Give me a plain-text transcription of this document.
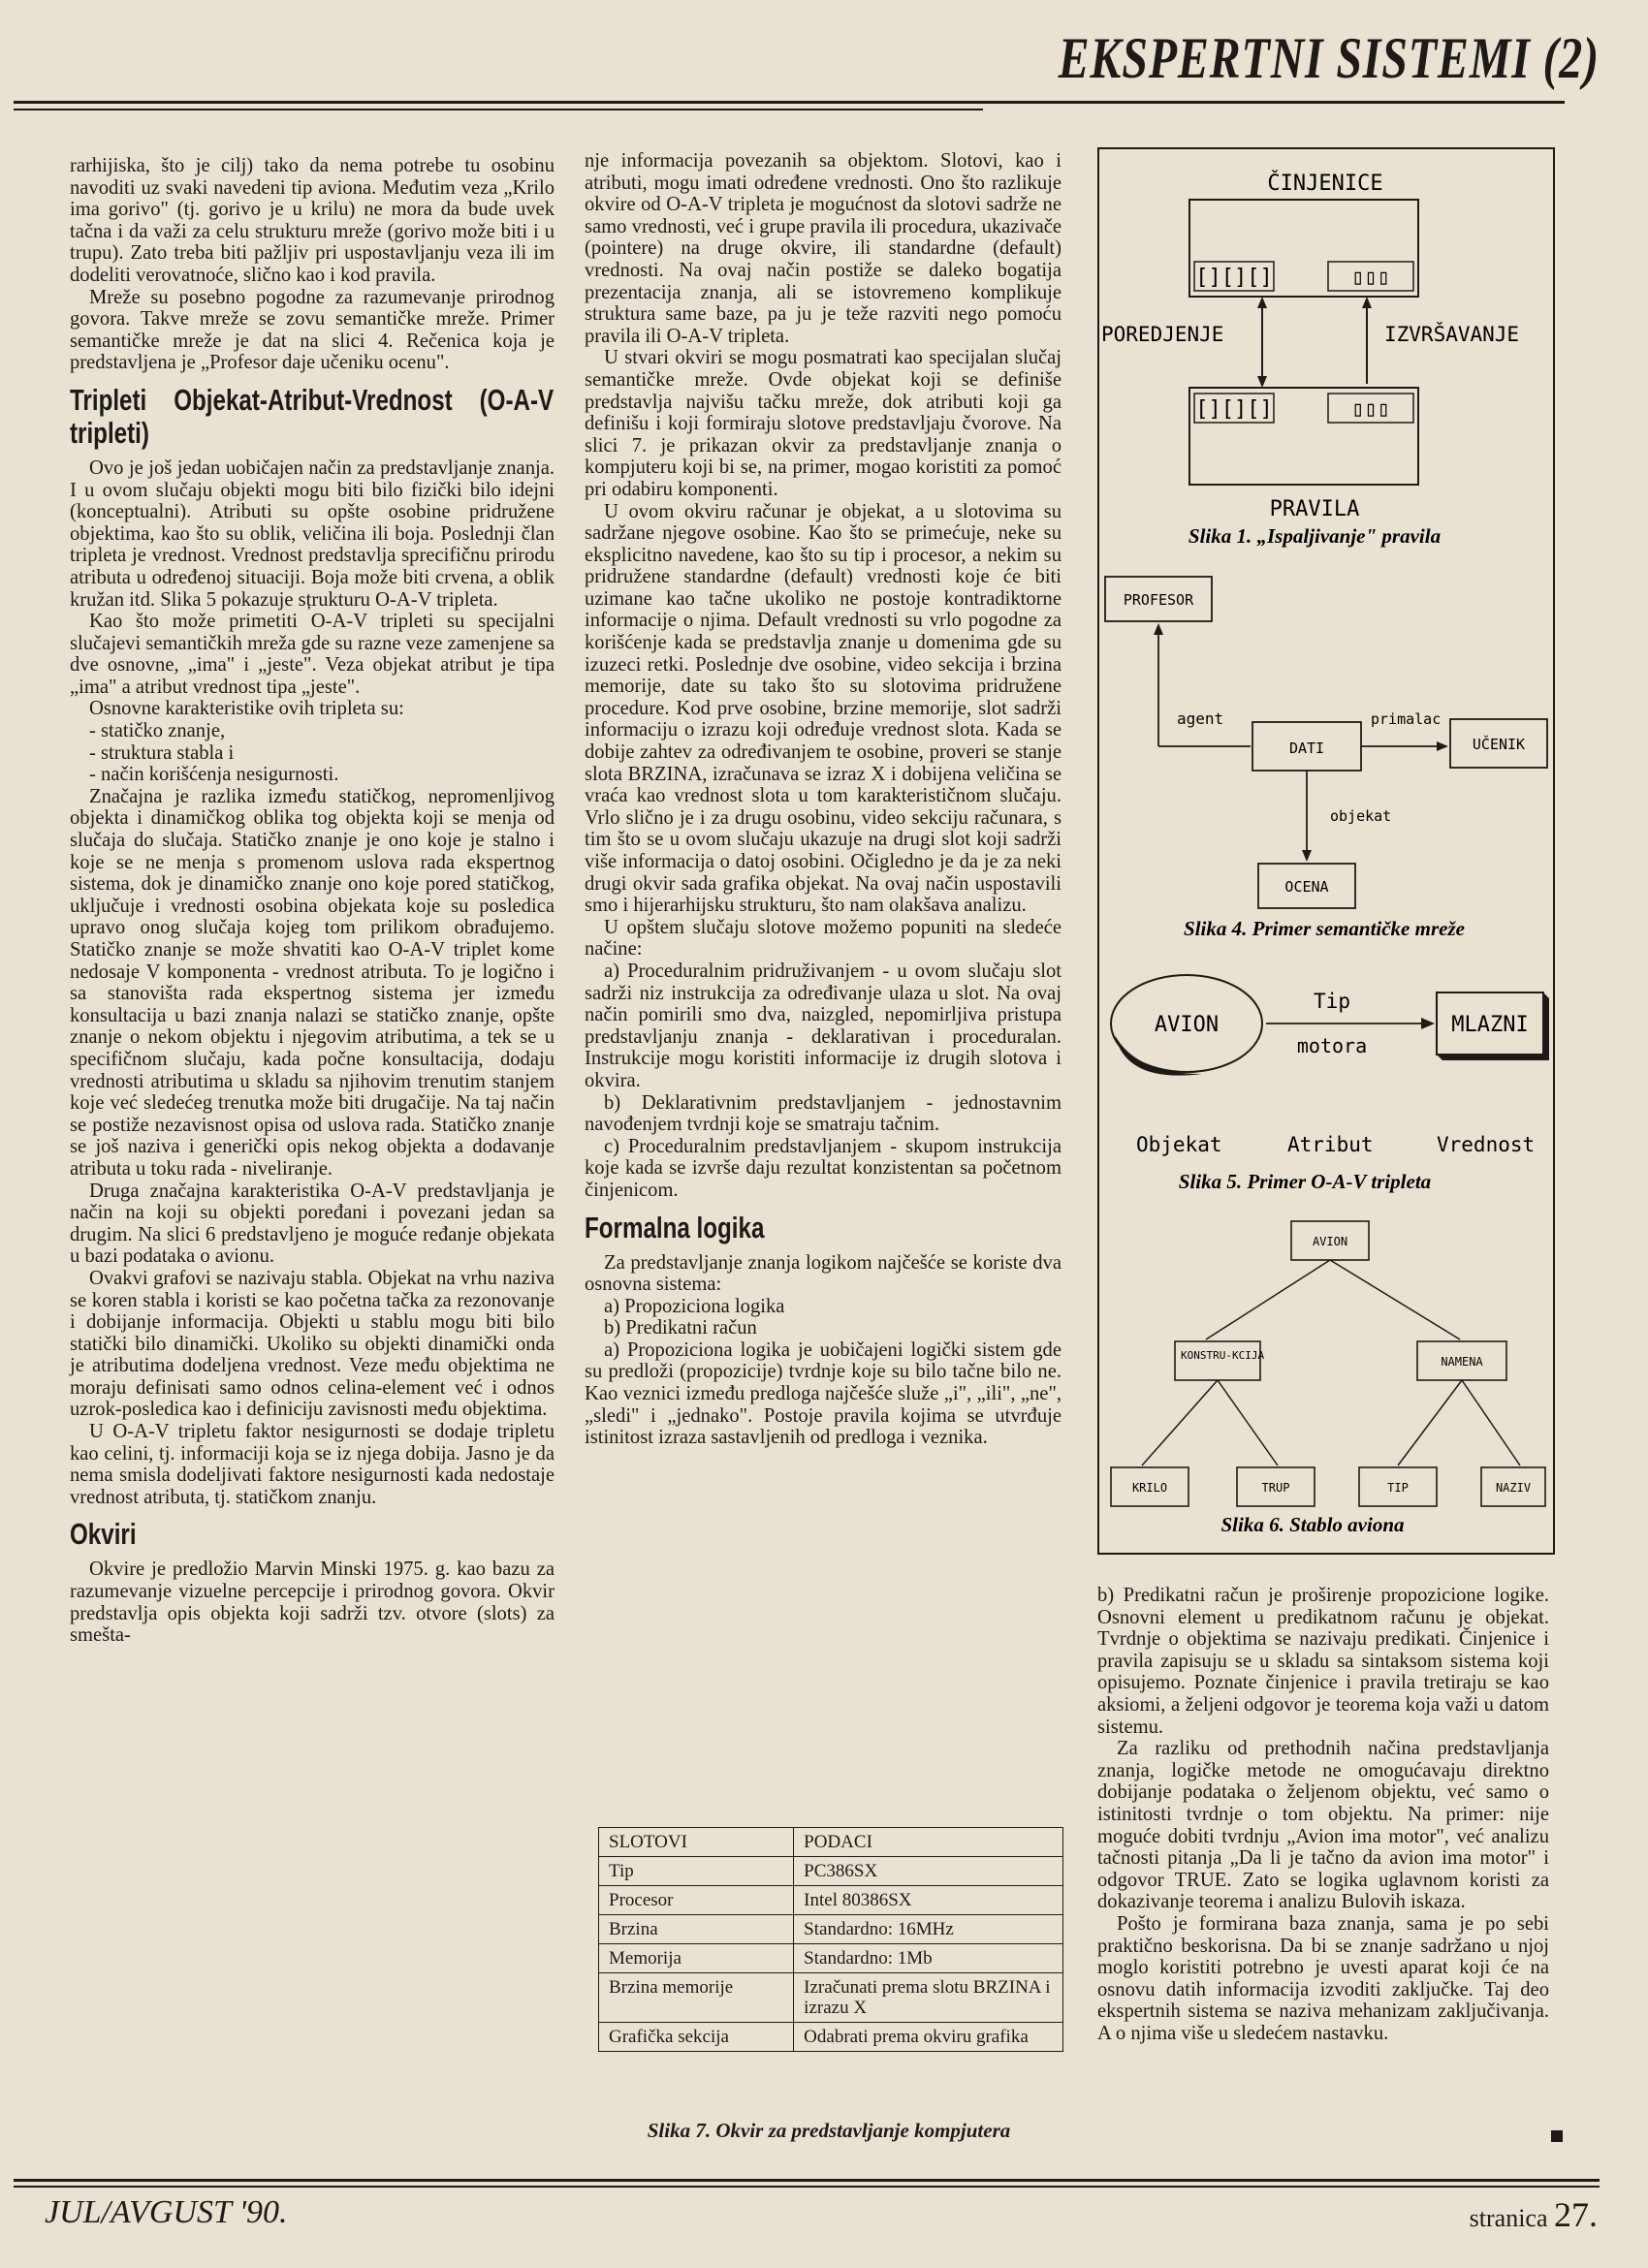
EKSPERTNI SISTEMI (2)

rarhijiska, što je cilj) tako da nema potrebe tu osobinu navoditi uz svaki navedeni tip aviona. Međutim veza „Krilo ima gorivo" (tj. gorivo je u krilu) ne mora da bude uvek tačna i da važi za celu strukturu mreže (gorivo može biti i u trupu). Zato treba biti pažljiv pri uspostavljanju veza ili im dodeliti verovatnoće, slično kao i kod pravila.

Mreže su posebno pogodne za razumevanje prirodnog govora. Takve mreže se zovu semantičke mreže. Primer semantičke mreže je dat na slici 4. Rečenica koja je predstavljena je „Profesor daje učeniku ocenu".

Tripleti Objekat-Atribut-Vrednost (O-A-V tripleti)

Ovo je još jedan uobičajen način za predstavljanje znanja. I u ovom slučaju objekti mogu biti bilo fizički bilo idejni (konceptualni). Atributi su opšte osobine pridružene objektima, kao što su oblik, veličina ili boja. Poslednji član tripleta je vrednost. Vrednost predstavlja sprecifičnu prirodu atributa u određenoj situaciji. Boja može biti crvena, a oblik kružan itd. Slika 5 pokazuje sțruktur‌u O-A-V tripleta.

Kao što može primetiti O-A-V tripleti su specijalni slučajevi semantičkih mreža gde su razne veze zamenjene sa dve osnovne, „ima" i „jeste". Veza objekat atribut je tipa „ima" a atribut vrednost tipa „jeste".

Osnovne karakteristike ovih tripleta su:

- statičko znanje,
- struktura stabla i
- način korišćenja nesigurnosti.

Značajna je razlika između statičkog, nepromenljivog objekta i dinamičkog oblika tog objekta koji se menja od slučaja do slučaja. Statičko znanje je ono koje je stalno i koje se ne menja s promenom uslova rada ekspertnog sistema, dok je dinamičko znanje ono koje pored statičkog, uključuje i vrednosti osobina objekata koje su posledica upravo onog slučaja kojeg tom prilikom obrađujemo. Statičko znanje se može shvatiti kao O-A-V triplet kome nedosaje V komponenta - vrednost atributa. To je logično i sa stanovišta rada ekspertnog sistema jer između konsultacija u bazi znanja nalazi se statičko znanje, opšte znanje o nekom objektu i njegovim atributima, a tek se u specifičnom slučaju, kada počne konsultacija, dodaju vrednosti atributima u skladu sa njihovim trenutim stanjem koje već sledećeg trenutka može biti drugačije. Na taj način se postiže nezavisnost opisa od uslova rada. Statičko znanje se još naziva i generički opis nekog objekta a dodavanje atributa u toku rada - niveliranje.

Druga značajna karakteristika O-A-V predstavljanja je način na koji su objekti poređani i povezani jedan sa drugim. Na slici 6 predstavljeno je moguće ređanje objekata u bazi podataka o avionu.

Ovakvi grafovi se nazivaju stabla. Objekat na vrhu naziva se koren stabla i koristi se kao početna tačka za rezonovanje i dobijanje informacija. Objekti u stablu mogu biti bilo statički bilo dinamički. Ukoliko su objekti dinamički onda je atributima dodeljena vrednost. Veze među objektima ne moraju definisati samo odnos celina-element već i odnos uzrok-posledica kao i definiciju zavisnosti među objektima.

U O-A-V tripletu faktor nesigurnosti se dodaje tripletu kao celini, tj. informaciji koja se iz njega dobija. Jasno je da nema smisla dodeljivati faktore nesigurnosti kada nedostaje vrednost atributa, tj. statičkom znanju.

Okviri

Okvire je predložio Marvin Minski 1975. g. kao bazu za razumevanje vizuelne percepcije i prirodnog govora. Okvir predstavlja opis objekta koji sadrži tzv. otvore (slots) za smešta-

nje informacija povezanih sa objektom. Slotovi, kao i atributi, mogu imati određene vrednosti. Ono što razlikuje okvire od O-A-V tripleta je mogućnost da slotovi sadrže ne samo vrednosti, već i grupe pravila ili procedura, ukazivače (pointere) na druge okvire, ili standardne (default) vrednosti. Na ovaj način postiže se daleko bogatija prezentacija znanja, ali se istovremeno komplikuje struktura same baze, pa ju je teže razviti nego pomoću pravila ili O-A-V tripleta.

U stvari okviri se mogu posmatrati kao specijalan slučaj semantičke mreže. Ovde objekat koji se definiše predstavlja najvišu tačku mreže, dok atributi koji ga definišu i koji formiraju slotove predstavljaju čvorove. Na slici 7. je prikazan okvir za predstavljanje znanja o kompjuteru koji bi se, na primer, mogao koristiti za pomoć pri odabiru komponenti.

U ovom okviru računar je objekat, a u slotovima su sadržane njegove osobine. Kao što se primećuje, neke su eksplicitno navedene, kao što su tip i procesor, a nekim su pridružene standardne (default) vrednosti koje će biti uzimane kao tačne ukoliko ne postoje kontradiktorne informacije o njima. Default vrednosti su vrlo pogodne za korišćenje kada se predstavlja znanje u domenima gde su izuzeci retki. Poslednje dve osobine, video sekcija i brzina memorije, date su tako što su slotovima pridružene procedure. Kod prve osobine, brzine memorije, slot sadrži informaciju o izrazu koji određuje vrednost slota. Kada se dobije zahtev za određivanjem te osobine, proveri se stanje slota BRZINA, izračunava se izraz X i dobijena veličina se vraća kao vrednost slota u tom karakterističnom slučaju. Vrlo slično je i za drugu osobinu, video sekciju računara, s tim što se u ovom slučaju ukazuje na drugi slot koji sadrži više informacija o datoj osobini. Očigledno je da je za neki drugi okvir sada grafika objekat. Na ovaj način uspostavili smo i hijerarhijsku strukturu, što nam olakšava analizu.

U opštem slučaju slotove možemo popuniti na sledeće načine:

a) Proceduralnim pridruživanjem - u ovom slučaju slot sadrži niz instrukcija za određivanje ulaza u slot. Na ovaj način pomirili smo dva, naizgled, nepomirljiva pristupa predstavljanju znanja - deklarativan i proceduralan. Instrukcije mogu koristiti informacije iz drugih slotova i okvira.

b) Deklarativnim predstavljanjem - jednostavnim navođenjem tvrdnji koje se smatraju tačnim.

c) Proceduralnim predstavljanjem - skupom instrukcija koje kada se izvrše daju rezultat konzistentan sa početnom činjenicom.

Formalna logika

Za predstavljanje znanja logikom najčešće se koriste dva osnovna sistema:

a) Propoziciona logika

b) Predikatni račun

a) Propoziciona logika je uobičajeni logički sistem gde su predloži (propozicije) tvrdnje koje su bilo tačne bilo ne. Kao veznici između predloga najčešće služe „i", „ili", „ne", „sledi" i „jednako". Postoje pravila kojima se utvrđuje istinitost izraza sastavljenih od predloga i veznika.

SLOTOVI	PODACI
Tip	PC386SX
Procesor	Intel 80386SX
Brzina	Standardno: 16MHz
Memorija	Standardno: 1Mb
Brzina memorije	Izračunati prema slotu BRZINA i izrazu X
Grafička sekcija	Odabrati prema okviru grafika
Slika 7. Okvir za predstavljanje kompjutera
ČINJENICE
[][][]	▯▯▯
POREDJENJE	IZVRŠAVANJE
[][][]	▯▯▯
PRAVILA
Slika 1. „Ispaljivanje" pravila
PROFESOR
agent
DATI
primalac
UČENIK
objekat
OCENA
Slika 4. Primer semantičke mreže
AVION
Tip
motora
MLAZNI
Objekat	Atribut	Vrednost
Slika 5. Primer O-A-V tripleta
AVION
KONSTRU-KCIJA	NAMENA
KRILO	TRUP	TIP	NAZIV
Slika 6. Stablo aviona

b) Predikatni račun je proširenje propozicione logike. Osnovni element u predikatnom računu je objekat. Tvrdnje o objektima se nazivaju predikati. Činjenice i pravila zapisuju se u skladu sa sintaksom sistema koji opisujemo. Poznate činjenice i pravila tretiraju se kao aksiomi, a željeni odgovor je teorema koja važi u datom sistemu.

Za razliku od prethodnih načina predstavljanja znanja, logičke metode ne omogućavaju direktno dobijanje podataka o željenom objektu, već samo o istinitosti tvrdnje o tom objektu. Na primer: nije moguće dobiti tvrdnju „Avion ima motor", već analizu tačnosti pitanja „Da li je tačno da avion ima motor" i odgovor TRUE. Zato se logika uglavnom koristi za dokazivanje teorema i analizu Bulovih iskaza.

Pošto je formirana baza znanja, sama je po sebi praktično beskorisna. Da bi se znanje sadržano u njoj moglo koristiti potrebno je uvesti aparat koji će na osnovu datih informacija izvoditi zaključke. Taj deo ekspertnih sistema se naziva mehanizam zaključivanja. A o njima više u sledećem nastavku.

JUL/AVGUST '90.	stranica 27.
